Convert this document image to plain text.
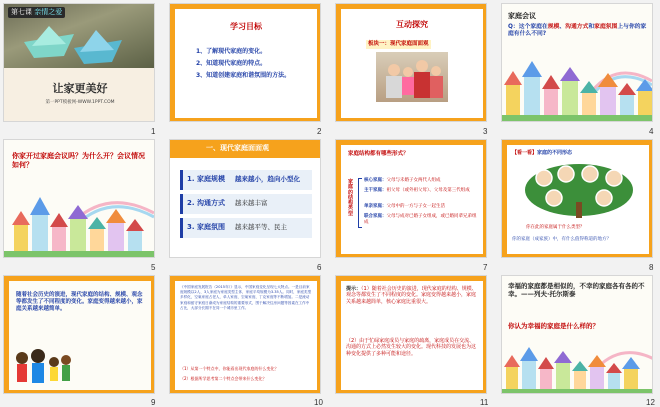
第七课 亲情之爱
让家更美好
第一PPT模板网-WWW.1PPT.COM
1
学习目标
1、了解现代家庭的变化。
2、知道现代家庭的特点。
3、知道创建家庭和谐氛围的方法。
2
互动探究
板块一：现代家庭面面观
3
家庭会议
Q：这个家庭在规模、沟通方式和家庭氛围上与你的家庭有什么不同?
4
你家开过家庭会议吗？为什么开？会议情况如何？
5
一、现代家庭面面观
1. 家庭规模 越来越小，趋向小型化
2. 沟通方式 越来越丰富
3. 家庭氛围 越来越平等、民主
6
家庭结构都有哪些形式？
家庭的结构类型
核心家庭：父母与未婚子女两代人组成
主干家庭：祖父母（或外祖父母）、父母及第三代组成
单亲家庭：父母中的一方与子女一起生活
联合家庭：父母与成对已婚子女组成，或已婚同辈兄弟组成
7
【看一看】家庭的不同形态
你在此的家庭属于什么类型？
你的家庭（成家族）中，有什么值得称道的地方？
8
随着社会历史的演进，现代家庭的结构、规模、观念等都发生了不同程度的变化。家庭变得越来越小，家庭关系越来越简单。
9
《中国家庭发展报告（2015年）》显示，中国家庭变化呈现七大特点。一是目前家庭规模以2人、3人家庭为家庭类型主体，家庭平均规模为3.35人。同时，家庭类型多样化，空巢家庭占老人，单人家庭、空巢家庭、丁克家庭等不断增加。二是流动家庭和留守家庭日渐成为家庭结构的重要形式，围于解决住房问题等因素在工作中占比，大部分长期不在同一个城市里工作。
（1）从第一个特点中，你能看出现代家庭的什么变化？
（2）根据所学思考第二个特点会带来什么变化？
10
提示：（1）随着社会历史的演进，现代家庭的结构、规模、观念等都发生了不同程度的变化。家庭变得越来越小，家庭关系越来越简单，核心家庭比重很大。
（2）由于忙碌家庭成员与家庭的疏离，家庭成员在交流、沟通的方式上必然发生较大的变化。现代科技的发展也为这种变化提供了多种可能和途径。
11
幸福的家庭都是相似的，不幸的家庭各有各的不幸。——列夫·托尔斯泰
你认为幸福的家庭是什么样的？
12
